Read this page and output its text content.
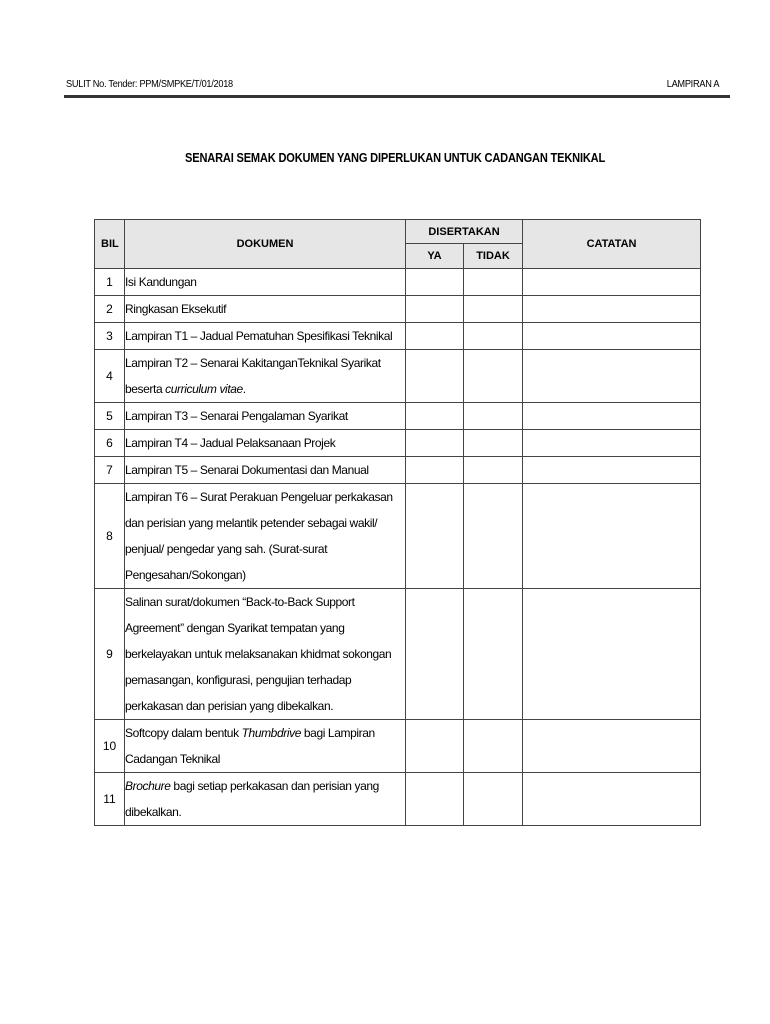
SULIT No. Tender: PPM/SMPKE/T/01/2018	LAMPIRAN A
SENARAI SEMAK DOKUMEN YANG DIPERLUKAN UNTUK CADANGAN TEKNIKAL
BIL	DOKUMEN	DISERTAKAN		CATATAN
		YA	TIDAK	
1	Isi Kandungan			
2	Ringkasan Eksekutif			
3	Lampiran T1 – Jadual Pematuhan Spesifikasi Teknikal			
4	Lampiran T2 – Senarai KakitanganTeknikal Syarikat beserta curriculum vitae.			
5	Lampiran T3 – Senarai Pengalaman Syarikat			
6	Lampiran T4 – Jadual Pelaksanaan Projek			
7	Lampiran T5 – Senarai Dokumentasi dan Manual			
8	Lampiran T6 – Surat Perakuan Pengeluar perkakasan dan perisian yang melantik petender sebagai wakil/ penjual/ pengedar yang sah. (Surat-surat Pengesahan/Sokongan)			
9	Salinan surat/dokumen “Back-to-Back Support Agreement” dengan Syarikat tempatan yang berkelayakan untuk melaksanakan khidmat sokongan pemasangan, konfigurasi, pengujian terhadap perkakasan dan perisian yang dibekalkan.			
10	Softcopy dalam bentuk Thumbdrive bagi Lampiran Cadangan Teknikal			
11	Brochure bagi setiap perkakasan dan perisian yang dibekalkan.			
